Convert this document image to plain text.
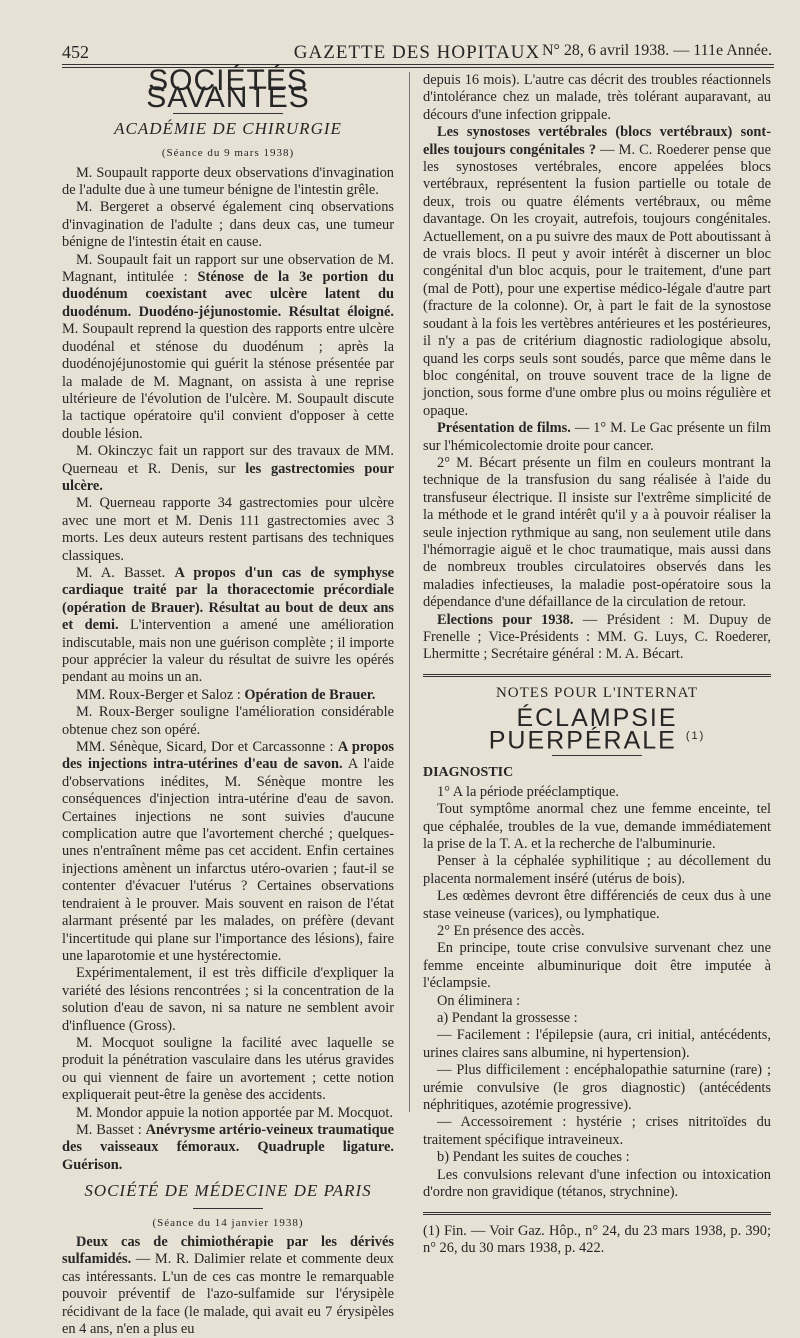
452	GAZETTE DES HOPITAUX N° 28, 6 avril 1938. — 111e Année.
SOCIÉTÉS SAVANTES
ACADÉMIE DE CHIRURGIE
(Séance du 9 mars 1938)

M. Soupault rapporte deux observations d'invagination de l'adulte due à une tumeur bénigne de l'intestin grêle.

M. Bergeret a observé également cinq observations d'invagination de l'adulte ; dans deux cas, une tumeur bénigne de l'intestin était en cause.

M. Soupault fait un rapport sur une observation de M. Magnant, intitulée : Sténose de la 3e portion du duodénum coexistant avec ulcère latent du duodénum. Duodéno-jéjunostomie. Résultat éloigné. M. Soupault reprend la question des rapports entre ulcère duodénal et sténose du duodénum ; après la duodénojéjunostomie qui guérit la sténose présentée par la malade de M. Magnant, on assista à une reprise ultérieure de l'évolution de l'ulcère. M. Soupault discute la tactique opératoire qu'il convient d'opposer à cette double lésion.

M. Okinczyc fait un rapport sur des travaux de MM. Querneau et R. Denis, sur les gastrectomies pour ulcère.

M. Querneau rapporte 34 gastrectomies pour ulcère avec une mort et M. Denis 111 gastrectomies avec 3 morts. Les deux auteurs restent partisans des techniques classiques.

M. A. Basset. A propos d'un cas de symphyse cardiaque traité par la thoracectomie précordiale (opération de Brauer). Résultat au bout de deux ans et demi. L'intervention a amené une amélioration indiscutable, mais non une guérison complète ; il importe pour apprécier la valeur du résultat de suivre les opérés pendant au moins un an.

MM. Roux-Berger et Saloz : Opération de Brauer.

M. Roux-Berger souligne l'amélioration considérable obtenue chez son opéré.

MM. Sénèque, Sicard, Dor et Carcassonne : A propos des injections intra-utérines d'eau de savon. A l'aide d'observations inédites, M. Sénèque montre les conséquences d'injection intra-utérine d'eau de savon. Certaines injections ne sont suivies d'aucune complication autre que l'avortement cherché ; quelques-unes n'entraînent même pas cet accident. Enfin certaines injections amènent un infarctus utéro-ovarien ; faut-il se contenter d'évacuer l'utérus ? Certaines observations tendraient à le prouver. Mais souvent en raison de l'état alarmant présenté par les malades, on préfère (devant l'incertitude qui plane sur l'importance des lésions), faire une laparotomie et une hystérectomie.

Expérimentalement, il est très difficile d'expliquer la variété des lésions rencontrées ; si la concentration de la solution d'eau de savon, ni sa nature ne semblent avoir d'influence (Gross).

M. Mocquot souligne la facilité avec laquelle se produit la pénétration vasculaire dans les utérus gravides ou qui viennent de faire un avortement ; cette notion expliquerait peut-être la genèse des accidents.

M. Mondor appuie la notion apportée par M. Mocquot.

M. Basset : Anévrysme artério-veineux traumatique des vaisseaux fémoraux. Quadruple ligature. Guérison.

SOCIÉTÉ DE MÉDECINE DE PARIS
(Séance du 14 janvier 1938)

Deux cas de chimiothérapie par les dérivés sulfamidés. — M. R. Dalimier relate et commente deux cas intéressants. L'un de ces cas montre le remarquable pouvoir préventif de l'azo-sulfamide sur l'érysipèle récidivant de la face (le malade, qui avait eu 7 érysipèles en 4 ans, n'en a plus eu

depuis 16 mois). L'autre cas décrit des troubles réactionnels d'intolérance chez un malade, très tolérant auparavant, au décours d'une infection grippale.

Les synostoses vertébrales (blocs vertébraux) sont-elles toujours congénitales ? — M. C. Roederer pense que les synostoses vertébrales, encore appelées blocs vertébraux, représentent la fusion partielle ou totale de deux, trois ou quatre éléments vertébraux, ou même davantage. On les croyait, autrefois, toujours congénitales. Actuellement, on a pu suivre des maux de Pott aboutissant à de vrais blocs. Il peut y avoir intérêt à discerner un bloc congénital d'un bloc acquis, pour le traitement, d'une part (mal de Pott), pour une expertise médico-légale d'autre part (fracture de la colonne). Or, à part le fait de la synostose soudant à la fois les vertèbres antérieures et les postérieures, il n'y a pas de critérium diagnostic radiologique absolu, quand les corps seuls sont soudés, parce que même dans le bloc congénital, on trouve souvent trace de la ligne de jonction, sous forme d'une ombre plus ou moins régulière et opaque.

Présentation de films. — 1° M. Le Gac présente un film sur l'hémicolectomie droite pour cancer.

2° M. Bécart présente un film en couleurs montrant la technique de la transfusion du sang réalisée à l'aide du transfuseur électrique. Il insiste sur l'extrême simplicité de la méthode et le grand intérêt qu'il y a à pouvoir réaliser la seule injection rythmique au sang, non seulement utile dans l'hémorragie aiguë et le choc traumatique, mais aussi dans de nombreux troubles circulatoires observés dans les maladies infectieuses, la maladie post-opératoire sous la dépendance d'une défaillance de la circulation de retour.

Elections pour 1938. — Président : M. Dupuy de Frenelle ; Vice-Présidents : MM. G. Luys, C. Roederer, Lhermitte ; Secrétaire général : M. A. Bécart.

NOTES POUR L'INTERNAT
ÉCLAMPSIE PUERPÉRALE $^{(1)}$
DIAGNOSTIC

1° A la période prééclamptique.

Tout symptôme anormal chez une femme enceinte, tel que céphalée, troubles de la vue, demande immédiatement la prise de la T. A. et la recherche de l'albuminurie.

Penser à la céphalée syphilitique ; au décollement du placenta normalement inséré (utérus de bois).

Les œdèmes devront être différenciés de ceux dus à une stase veineuse (varices), ou lymphatique.

2° En présence des accès.

En principe, toute crise convulsive survenant chez une femme enceinte albuminurique doit être imputée à l'éclampsie.

On éliminera :

a) Pendant la grossesse :

— Facilement : l'épilepsie (aura, cri initial, antécédents, urines claires sans albumine, ni hypertension).

— Plus difficilement : encéphalopathie saturnine (rare) ; urémie convulsive (le gros diagnostic) (antécédents néphritiques, azotémie progressive).

— Accessoirement : hystérie ; crises nitritoïdes du traitement spécifique intraveineux.

b) Pendant les suites de couches :

Les convulsions relevant d'une infection ou intoxication d'ordre non gravidique (tétanos, strychnine).

(1) Fin. — Voir Gaz. Hôp., n° 24, du 23 mars 1938, p. 390; n° 26, du 30 mars 1938, p. 422.
